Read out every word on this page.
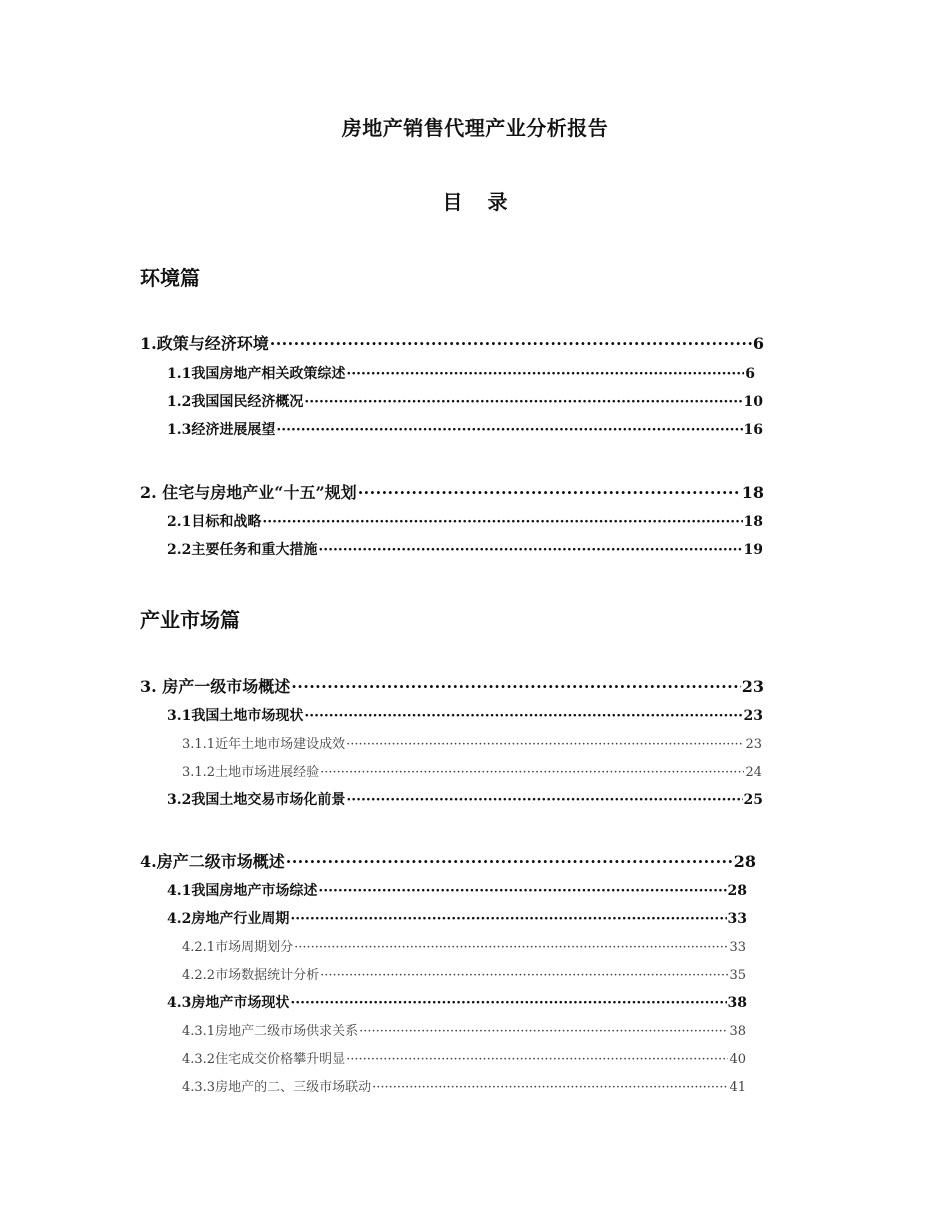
房地产销售代理产业分析报告
目 录
环境篇
1.政策与经济环境 ·····	6
1.1我国房地产相关政策综述 ·····	6
1.2我国国民经济概况 ·····	10
1.3经济进展展望 ·····	16
2. 住宅与房地产业“十五”规划 ·····	18
2.1目标和战略 ·····	18
2.2主要任务和重大措施 ·····	19
产业市场篇
3. 房产一级市场概述 ·····	23
3.1我国土地市场现状 ·····	23
3.1.1近年土地市场建设成效 ·····	23
3.1.2土地市场进展经验 ·····	24
3.2我国土地交易市场化前景 ·····	25
4.房产二级市场概述 ·····	28
4.1我国房地产市场综述 ·····	28
4.2房地产行业周期 ·····	33
4.2.1市场周期划分 ·····	33
4.2.2市场数据统计分析 ·····	35
4.3房地产市场现状 ·····	38
4.3.1房地产二级市场供求关系 ·····	38
4.3.2住宅成交价格攀升明显 ·····	40
4.3.3房地产的二、三级市场联动 ·····	41
